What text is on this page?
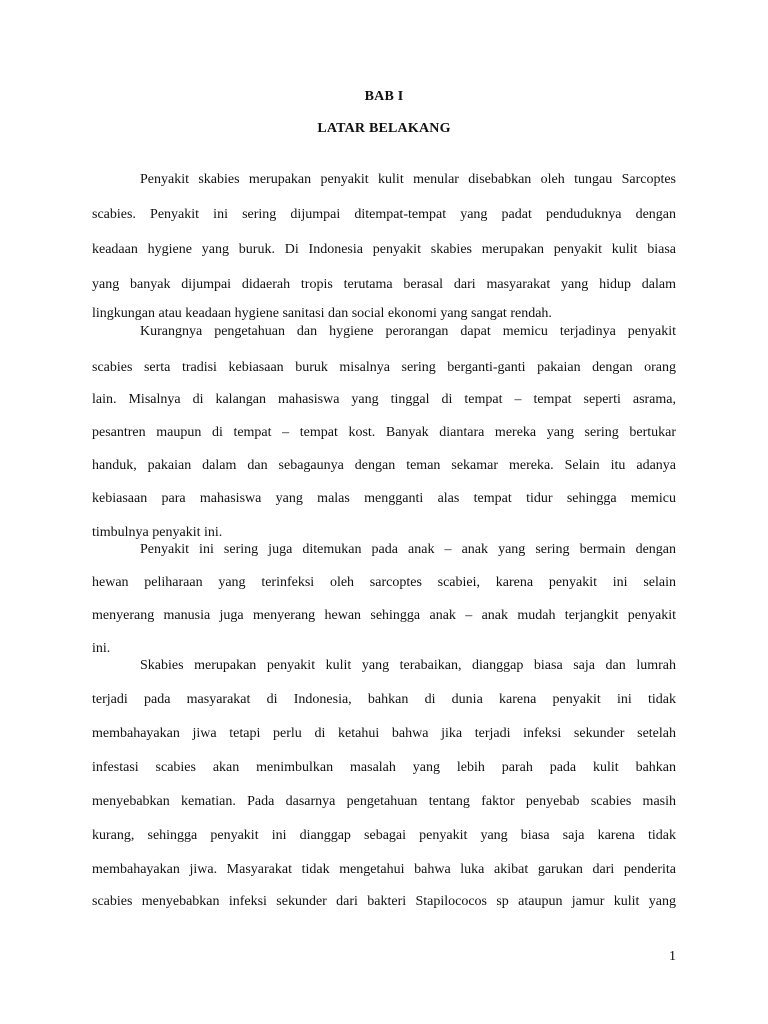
BAB I
LATAR BELAKANG
Penyakit skabies merupakan penyakit kulit menular disebabkan oleh tungau Sarcoptes
scabies. Penyakit ini sering dijumpai ditempat-tempat yang padat penduduknya dengan
keadaan hygiene yang buruk. Di Indonesia penyakit skabies merupakan penyakit kulit biasa
yang banyak dijumpai didaerah tropis terutama berasal dari masyarakat yang hidup dalam
lingkungan atau keadaan hygiene sanitasi dan social ekonomi yang sangat rendah.
Kurangnya pengetahuan dan hygiene perorangan dapat memicu terjadinya penyakit
scabies serta tradisi kebiasaan buruk misalnya sering berganti-ganti pakaian dengan orang
lain. Misalnya di kalangan mahasiswa yang tinggal di tempat – tempat seperti asrama,
pesantren maupun di tempat – tempat kost. Banyak diantara mereka yang sering bertukar
handuk, pakaian dalam dan sebagaunya dengan teman sekamar mereka. Selain itu adanya
kebiasaan para mahasiswa yang malas mengganti alas tempat tidur sehingga memicu
timbulnya penyakit ini.
Penyakit ini sering juga ditemukan pada anak – anak yang sering bermain dengan
hewan peliharaan yang terinfeksi oleh sarcoptes scabiei, karena penyakit ini selain
menyerang manusia juga menyerang hewan sehingga anak – anak mudah terjangkit penyakit
ini.
Skabies merupakan penyakit kulit yang terabaikan, dianggap biasa saja dan lumrah
terjadi pada masyarakat di Indonesia, bahkan di dunia karena penyakit ini tidak
membahayakan jiwa tetapi perlu di ketahui bahwa jika terjadi infeksi sekunder setelah
infestasi scabies akan menimbulkan masalah yang lebih parah pada kulit bahkan
menyebabkan kematian. Pada dasarnya pengetahuan tentang faktor penyebab scabies masih
kurang, sehingga penyakit ini dianggap sebagai penyakit yang biasa saja karena tidak
membahayakan jiwa. Masyarakat tidak mengetahui bahwa luka akibat garukan dari penderita
scabies menyebabkan infeksi sekunder dari bakteri Stapilococos sp ataupun jamur kulit yang
1
